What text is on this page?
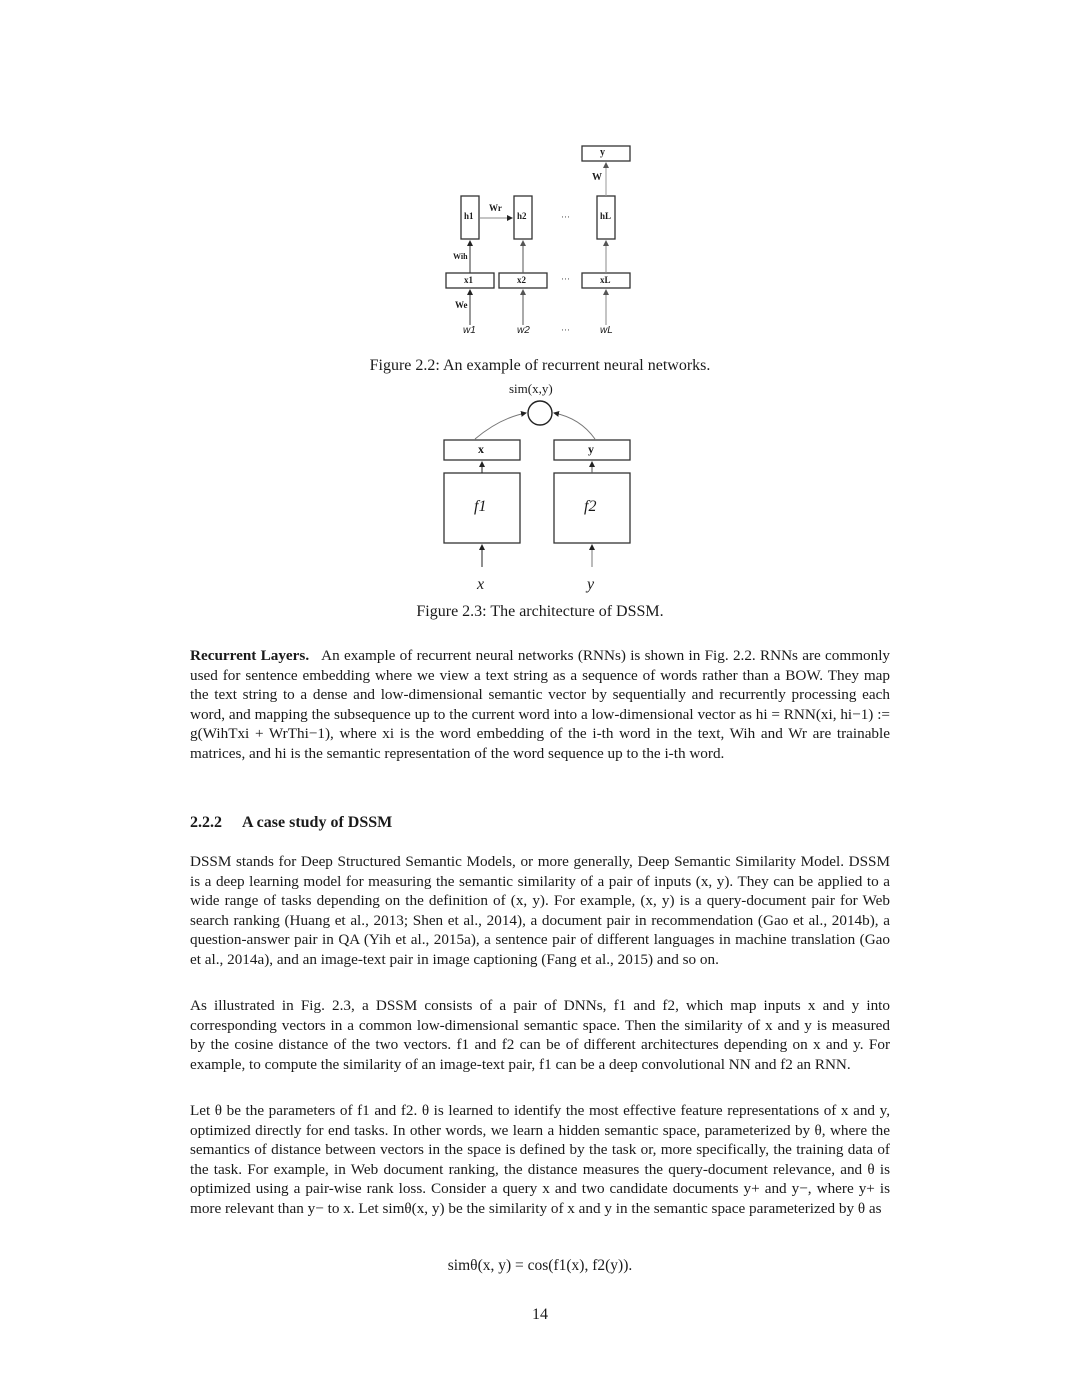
y
W
h1	h2	hL
Wr
Wih
We
x1	x2	xL
w1	w2	wL
···
···
···
Figure 2.2: An example of recurrent neural networks.
sim(x,y)
x	y
f1	f2
x	y
Figure 2.3: The architecture of DSSM.
Recurrent Layers. An example of recurrent neural networks (RNNs) is shown in Fig. 2.2. RNNs are commonly used for sentence embedding where we view a text string as a sequence of words rather than a BOW. They map the text string to a dense and low-dimensional semantic vector by sequentially and recurrently processing each word, and mapping the subsequence up to the current word into a low-dimensional vector as hi = RNN(xi, hi−1) := g(WihTxi + WrThi−1), where xi is the word embedding of the i-th word in the text, Wih and Wr are trainable matrices, and hi is the semantic representation of the word sequence up to the i-th word.
2.2.2 A case study of DSSM
DSSM stands for Deep Structured Semantic Models, or more generally, Deep Semantic Similarity Model. DSSM is a deep learning model for measuring the semantic similarity of a pair of inputs (x, y). They can be applied to a wide range of tasks depending on the definition of (x, y). For example, (x, y) is a query-document pair for Web search ranking (Huang et al., 2013; Shen et al., 2014), a document pair in recommendation (Gao et al., 2014b), a question-answer pair in QA (Yih et al., 2015a), a sentence pair of different languages in machine translation (Gao et al., 2014a), and an image-text pair in image captioning (Fang et al., 2015) and so on.
As illustrated in Fig. 2.3, a DSSM consists of a pair of DNNs, f1 and f2, which map inputs x and y into corresponding vectors in a common low-dimensional semantic space. Then the similarity of x and y is measured by the cosine distance of the two vectors. f1 and f2 can be of different architectures depending on x and y. For example, to compute the similarity of an image-text pair, f1 can be a deep convolutional NN and f2 an RNN.
Let θ be the parameters of f1 and f2. θ is learned to identify the most effective feature representations of x and y, optimized directly for end tasks. In other words, we learn a hidden semantic space, parameterized by θ, where the semantics of distance between vectors in the space is defined by the task or, more specifically, the training data of the task. For example, in Web document ranking, the distance measures the query-document relevance, and θ is optimized using a pair-wise rank loss. Consider a query x and two candidate documents y+ and y−, where y+ is more relevant than y− to x. Let simθ(x, y) be the similarity of x and y in the semantic space parameterized by θ as
simθ(x, y) = cos(f1(x), f2(y)).
14
